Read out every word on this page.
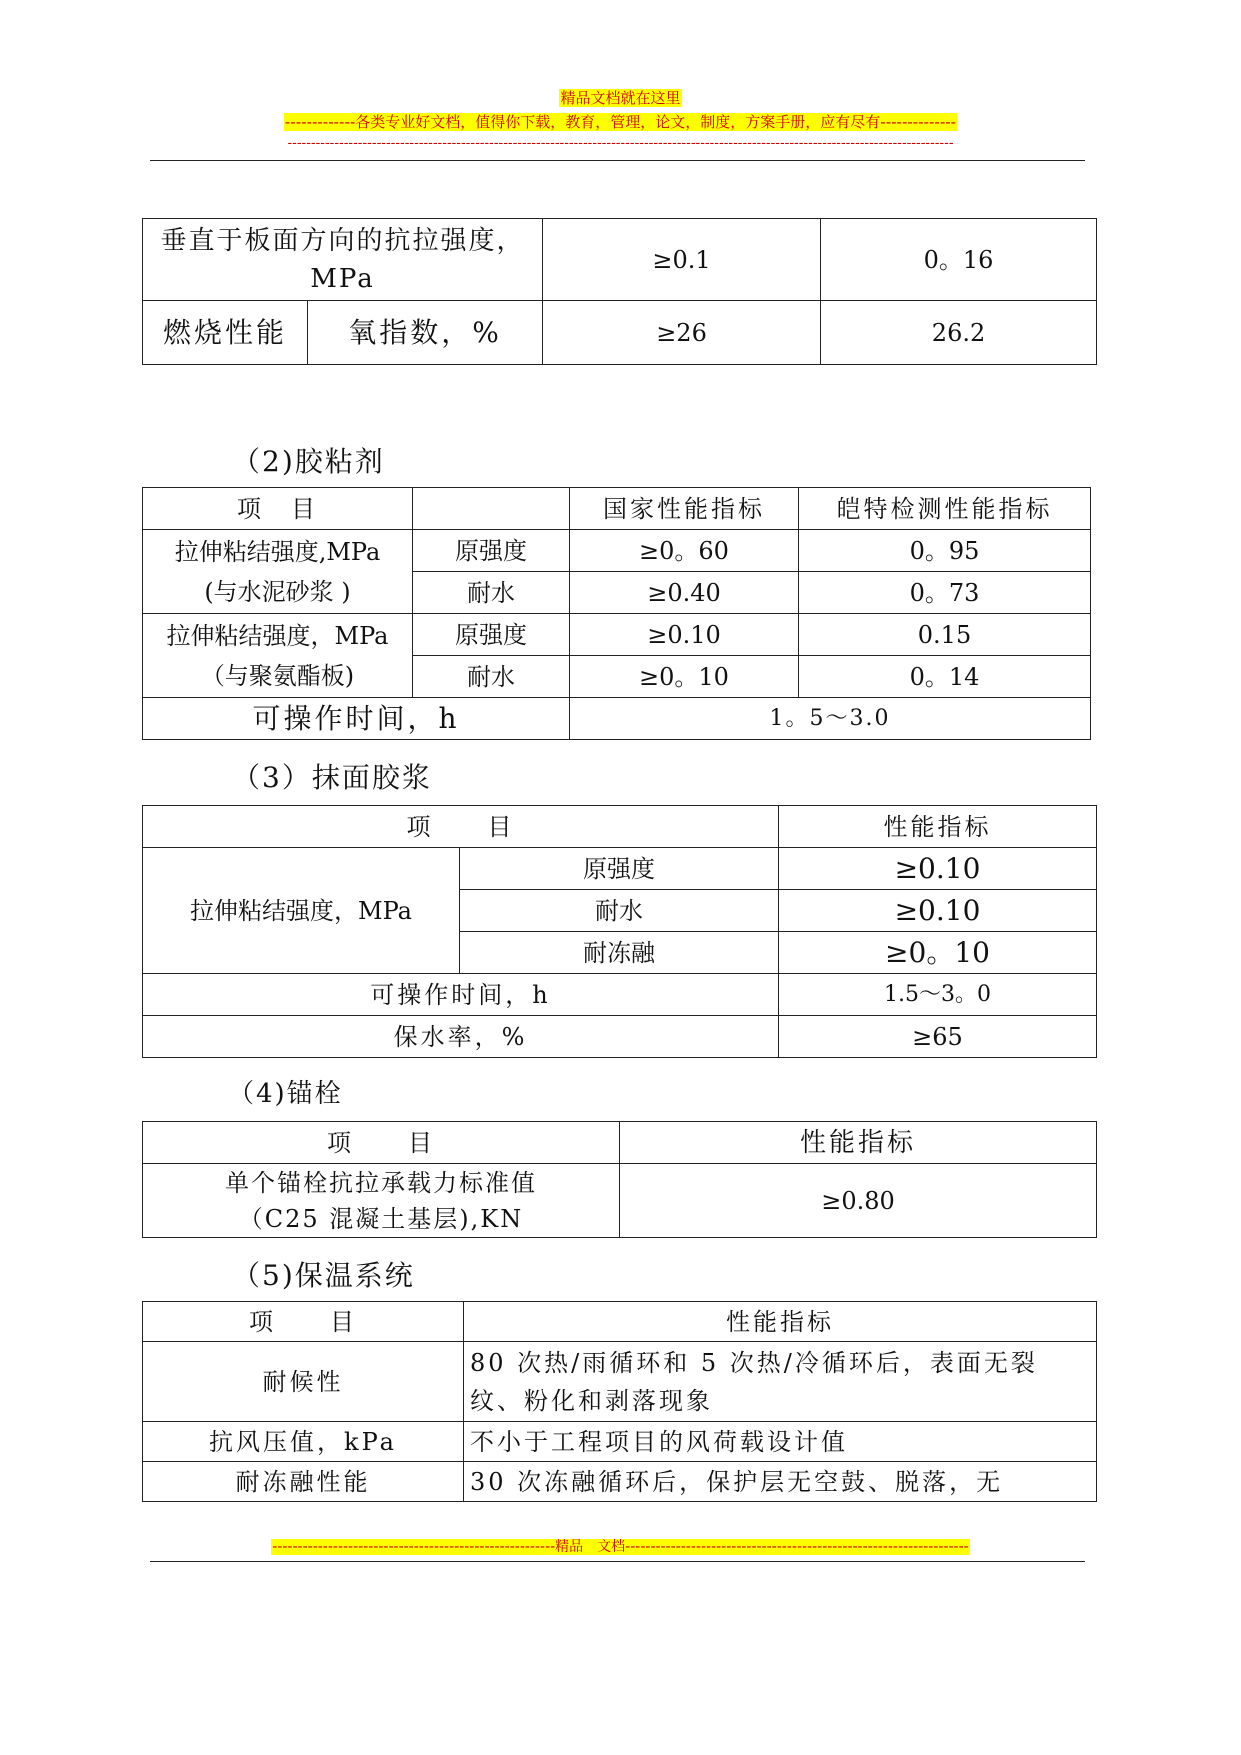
精品文档就在这里
-------------各类专业好文档，值得你下载，教育，管理，论文，制度，方案手册，应有尽有--------------
----------------------------------------------------------------------------------------------------------------------------------------------
垂直于板面方向的抗拉强度，MPa		≥0.1	0。16
燃烧性能	氧指数，%	≥26	26.2
（2)胶粘剂
项　目		国家性能指标	皑特检测性能指标

拉伸粘结强度,MPa
(与水泥砂浆 )	原强度	≥0。60	0。95
	耐水	≥0.40	0。73

拉伸粘结强度，MPa
（与聚氨酯板)	原强度	≥0.10	0.15
	耐水	≥0。10	0。14
可操作时间，h		1。5～3.0	
（3）抹面胶浆
项　　目		性能指标
拉伸粘结强度，MPa	原强度	≥0.10
	耐水	≥0.10
	耐冻融	≥0。10
可操作时间，h		1.5～3。0
保水率，%		≥65
（4)锚栓
项　　目	性能指标

单个锚栓抗拉承载力标准值
（C25 混凝土基层),KN	≥0.80
（5)保温系统
项　　目	性能指标
耐候性	80 次热/雨循环和 5 次热/冷循环后，表面无裂纹、粉化和剥落现象
抗风压值，kPa	不小于工程项目的风荷载设计值
耐冻融性能	30 次冻融循环后，保护层无空鼓、脱落，无
--------------------------------------------------------精品　文档--------------------------------------------------------------------
